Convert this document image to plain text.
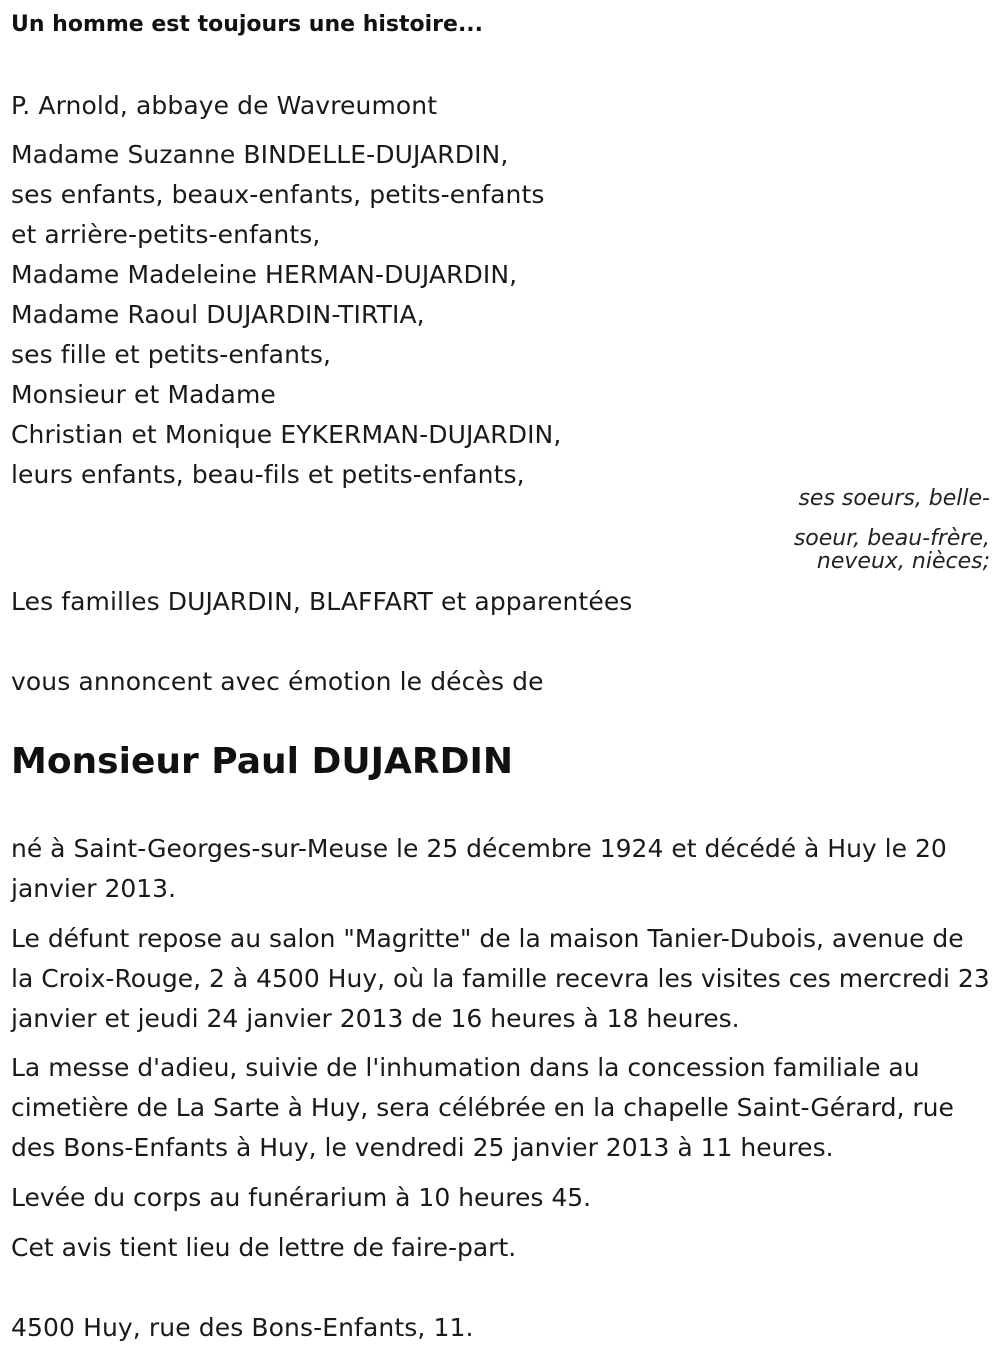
Un homme est toujours une histoire...
P. Arnold, abbaye de Wavreumont
Madame Suzanne BINDELLE-DUJARDIN,
ses enfants, beaux-enfants, petits-enfants
et arrière-petits-enfants,
Madame Madeleine HERMAN-DUJARDIN,
Madame Raoul DUJARDIN-TIRTIA,
ses fille et petits-enfants,
Monsieur et Madame
Christian et Monique EYKERMAN-DUJARDIN,
leurs enfants, beau-fils et petits-enfants,
ses soeurs, belle-
soeur, beau-frère,
neveux, nièces;
Les familles DUJARDIN, BLAFFART et apparentées
vous annoncent avec émotion le décès de
Monsieur Paul DUJARDIN
né à Saint-Georges-sur-Meuse le 25 décembre 1924 et décédé à Huy le 20 janvier 2013.
Le défunt repose au salon "Magritte" de la maison Tanier-Dubois, avenue de la Croix-Rouge, 2 à 4500 Huy, où la famille recevra les visites ces mercredi 23 janvier et jeudi 24 janvier 2013 de 16 heures à 18 heures.
La messe d'adieu, suivie de l'inhumation dans la concession familiale au cimetière de La Sarte à Huy, sera célébrée en la chapelle Saint-Gérard, rue des Bons-Enfants à Huy, le vendredi 25 janvier 2013 à 11 heures.
Levée du corps au funérarium à 10 heures 45.
Cet avis tient lieu de lettre de faire-part.
4500 Huy, rue des Bons-Enfants, 11.
